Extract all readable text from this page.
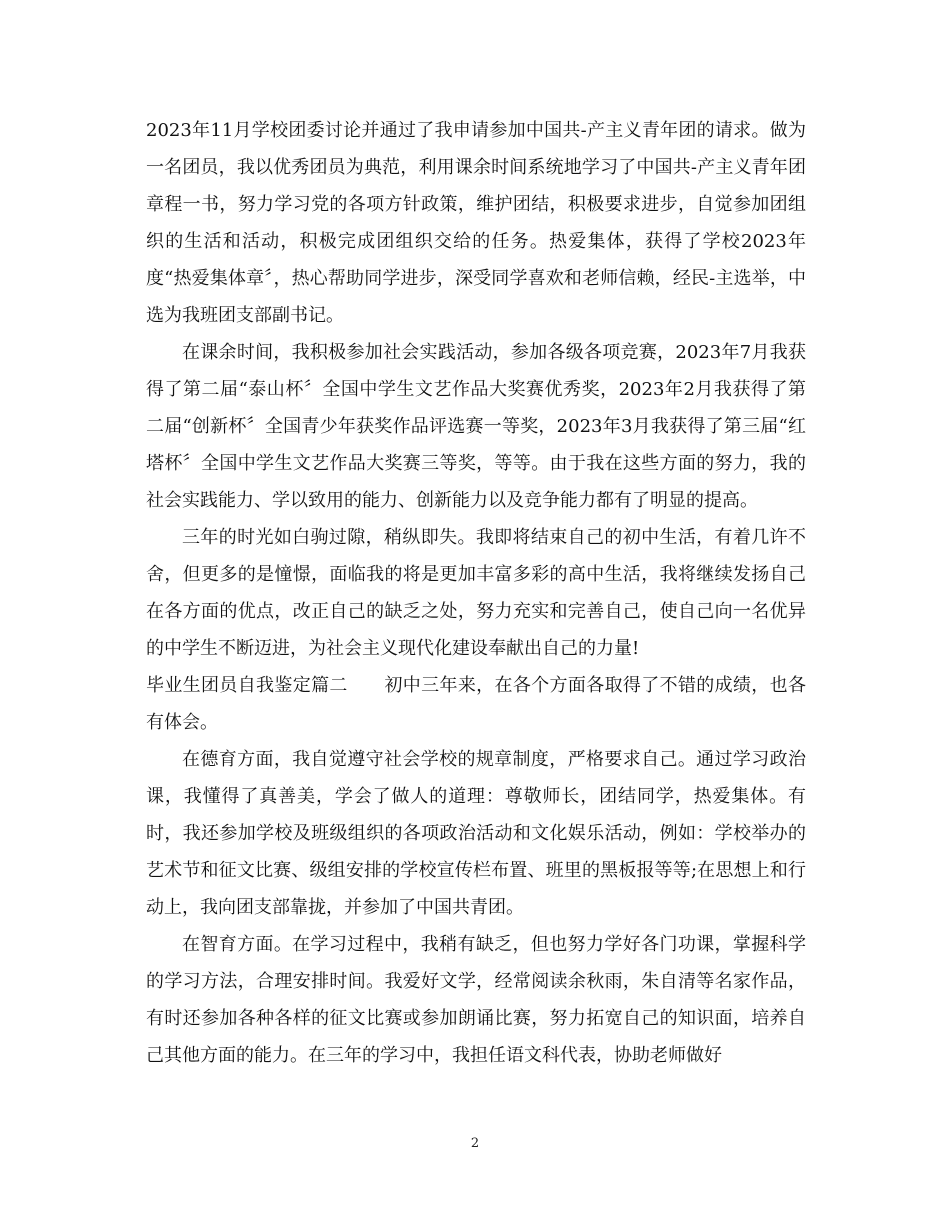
2023年11月学校团委讨论并通过了我申请参加中国共-产主义青年团的请求。做为一名团员，我以优秀团员为典范，利用课余时间系统地学习了中国共-产主义青年团章程一书，努力学习党的各项方针政策，维护团结，积极要求进步，自觉参加团组织的生活和活动，积极完成团组织交给的任务。热爱集体，获得了学校2023年度“热爱集体章〞，热心帮助同学进步，深受同学喜欢和老师信赖，经民-主选举，中选为我班团支部副书记。

在课余时间，我积极参加社会实践活动，参加各级各项竞赛，2023年7月我获得了第二届“泰山杯〞全国中学生文艺作品大奖赛优秀奖，2023年2月我获得了第二届“创新杯〞全国青少年获奖作品评选赛一等奖，2023年3月我获得了第三届“红塔杯〞全国中学生文艺作品大奖赛三等奖，等等。由于我在这些方面的努力，我的社会实践能力、学以致用的能力、创新能力以及竞争能力都有了明显的提高。

三年的时光如白驹过隙，稍纵即失。我即将结束自己的初中生活，有着几许不舍，但更多的是憧憬，面临我的将是更加丰富多彩的高中生活，我将继续发扬自己在各方面的优点，改正自己的缺乏之处，努力充实和完善自己，使自己向一名优异的中学生不断迈进，为社会主义现代化建设奉献出自己的力量!

毕业生团员自我鉴定篇二　　初中三年来，在各个方面各取得了不错的成绩，也各有体会。

在德育方面，我自觉遵守社会学校的规章制度，严格要求自己。通过学习政治课，我懂得了真善美，学会了做人的道理：尊敬师长，团结同学，热爱集体。有时，我还参加学校及班级组织的各项政治活动和文化娱乐活动，例如：学校举办的艺术节和征文比赛、级组安排的学校宣传栏布置、班里的黑板报等等;在思想上和行动上，我向团支部靠拢，并参加了中国共青团。

在智育方面。在学习过程中，我稍有缺乏，但也努力学好各门功课，掌握科学的学习方法，合理安排时间。我爱好文学，经常阅读余秋雨，朱自清等名家作品，有时还参加各种各样的征文比赛或参加朗诵比赛，努力拓宽自己的知识面，培养自己其他方面的能力。在三年的学习中，我担任语文科代表，协助老师做好

2
